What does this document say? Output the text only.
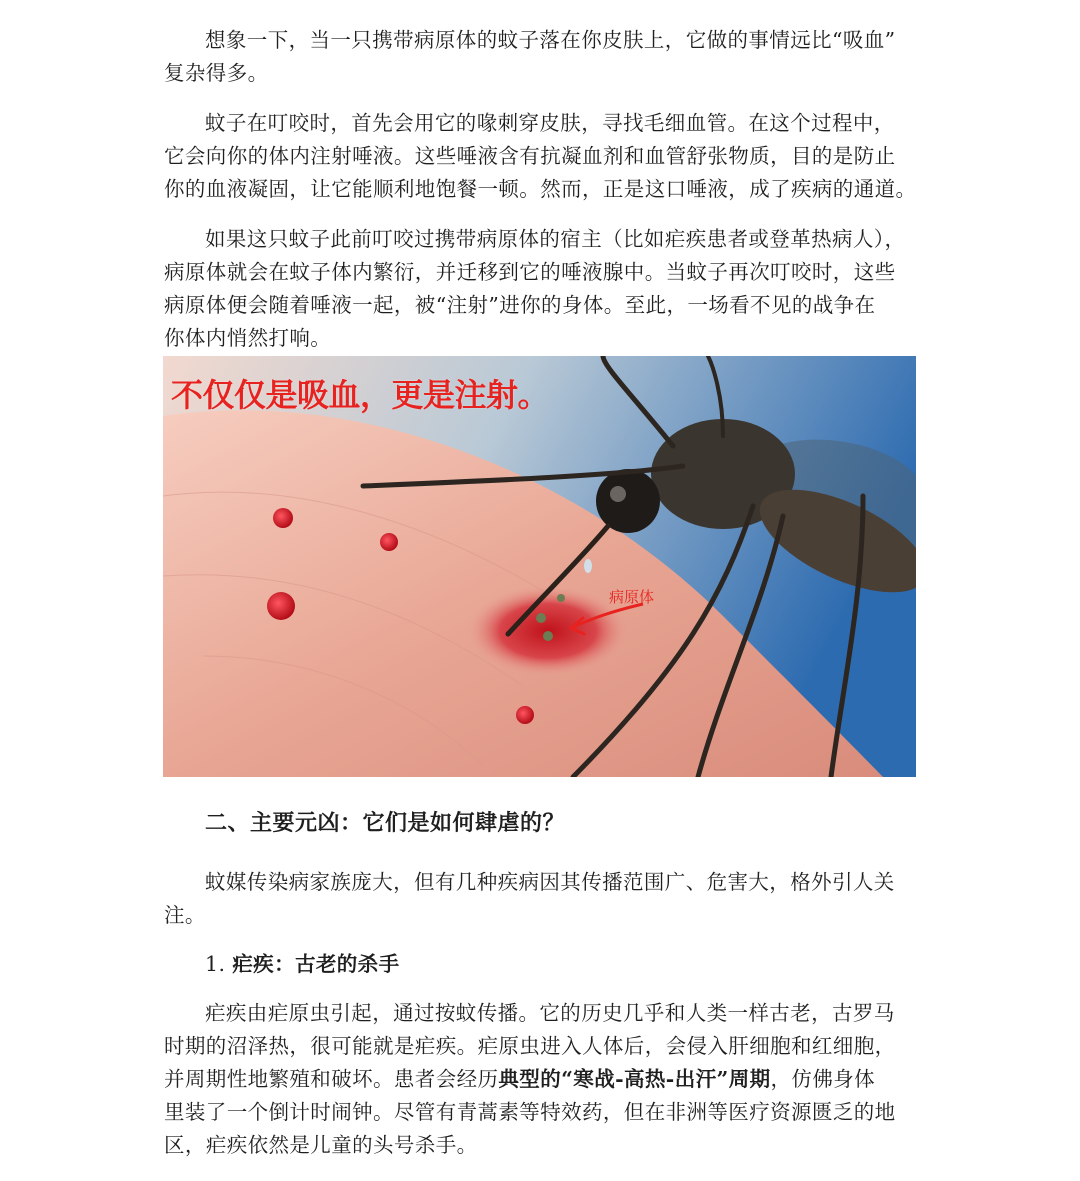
想象一下，当一只携带病原体的蚊子落在你皮肤上，它做的事情远比“吸血”
复杂得多。

蚊子在叮咬时，首先会用它的喙刺穿皮肤，寻找毛细血管。在这个过程中，
它会向你的体内注射唾液。这些唾液含有抗凝血剂和血管舒张物质，目的是防止
你的血液凝固，让它能顺利地饱餐一顿。然而，正是这口唾液，成了疾病的通道。

如果这只蚊子此前叮咬过携带病原体的宿主（比如疟疾患者或登革热病人），
病原体就会在蚊子体内繁衍，并迁移到它的唾液腺中。当蚊子再次叮咬时，这些
病原体便会随着唾液一起，被“注射”进你的身体。至此，一场看不见的战争在
你体内悄然打响。

不仅仅是吸血，更是注射。
病原体
二、主要元凶：它们是如何肆虐的？

蚊媒传染病家族庞大，但有几种疾病因其传播范围广、危害大，格外引人关
注。

1. 疟疾：古老的杀手

疟疾由疟原虫引起，通过按蚊传播。它的历史几乎和人类一样古老，古罗马
时期的沼泽热，很可能就是疟疾。疟原虫进入人体后，会侵入肝细胞和红细胞，
并周期性地繁殖和破坏。患者会经历典型的“寒战-高热-出汗”周期，仿佛身体
里装了一个倒计时闹钟。尽管有青蒿素等特效药，但在非洲等医疗资源匮乏的地
区，疟疾依然是儿童的头号杀手。
